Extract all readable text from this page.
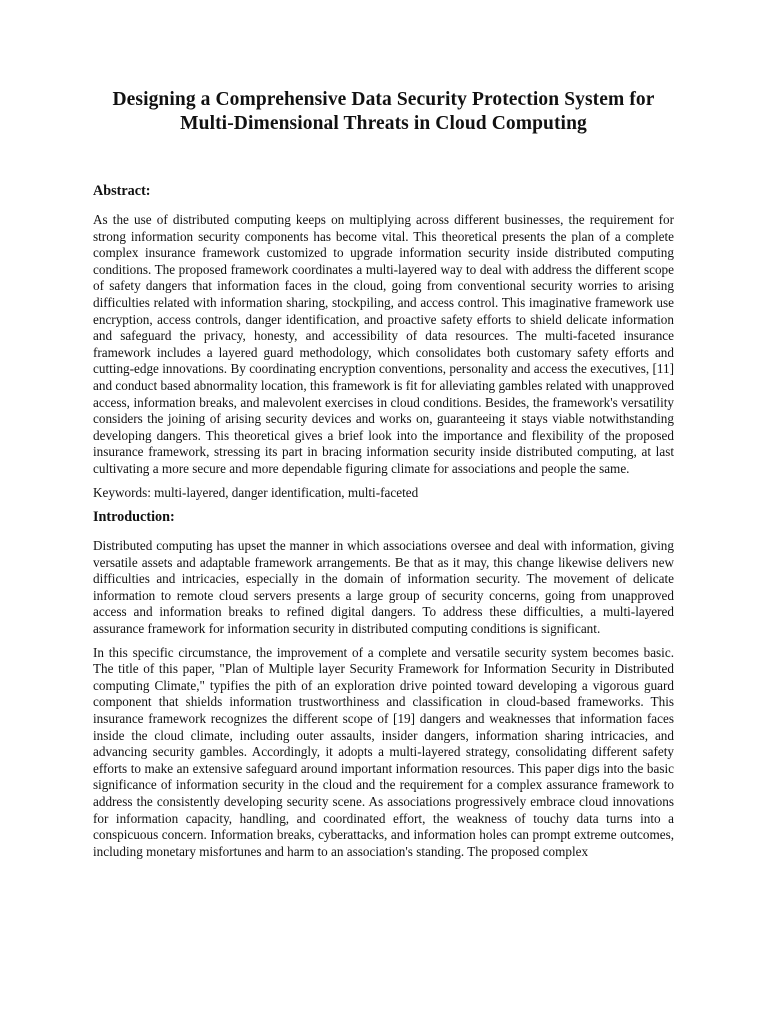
Designing a Comprehensive Data Security Protection System for
Multi-Dimensional Threats in Cloud Computing
Abstract:

As the use of distributed computing keeps on multiplying across different businesses, the requirement for strong information security components has become vital. This theoretical presents the plan of a complete complex insurance framework customized to upgrade information security inside distributed computing conditions. The proposed framework coordinates a multi-layered way to deal with address the different scope of safety dangers that information faces in the cloud, going from conventional security worries to arising difficulties related with information sharing, stockpiling, and access control. This imaginative framework use encryption, access controls, danger identification, and proactive safety efforts to shield delicate information and safeguard the privacy, honesty, and accessibility of data resources. The multi-faceted insurance framework includes a layered guard methodology, which consolidates both customary safety efforts and cutting-edge innovations. By coordinating encryption conventions, personality and access the executives, [11] and conduct based abnormality location, this framework is fit for alleviating gambles related with unapproved access, information breaks, and malevolent exercises in cloud conditions. Besides, the framework's versatility considers the joining of arising security devices and works on, guaranteeing it stays viable notwithstanding developing dangers. This theoretical gives a brief look into the importance and flexibility of the proposed insurance framework, stressing its part in bracing information security inside distributed computing, at last cultivating a more secure and more dependable figuring climate for associations and people the same.

Keywords: multi-layered, danger identification, multi-faceted

Introduction:

Distributed computing has upset the manner in which associations oversee and deal with information, giving versatile assets and adaptable framework arrangements. Be that as it may, this change likewise delivers new difficulties and intricacies, especially in the domain of information security. The movement of delicate information to remote cloud servers presents a large group of security concerns, going from unapproved access and information breaks to refined digital dangers. To address these difficulties, a multi-layered assurance framework for information security in distributed computing conditions is significant.

In this specific circumstance, the improvement of a complete and versatile security system becomes basic. The title of this paper, "Plan of Multiple layer Security Framework for Information Security in Distributed computing Climate," typifies the pith of an exploration drive pointed toward developing a vigorous guard component that shields information trustworthiness and classification in cloud-based frameworks. This insurance framework recognizes the different scope of [19] dangers and weaknesses that information faces inside the cloud climate, including outer assaults, insider dangers, information sharing intricacies, and advancing security gambles. Accordingly, it adopts a multi-layered strategy, consolidating different safety efforts to make an extensive safeguard around important information resources. This paper digs into the basic significance of information security in the cloud and the requirement for a complex assurance framework to address the consistently developing security scene. As associations progressively embrace cloud innovations for information capacity, handling, and coordinated effort, the weakness of touchy data turns into a conspicuous concern. Information breaks, cyberattacks, and information holes can prompt extreme outcomes, including monetary misfortunes and harm to an association's standing. The proposed complex
